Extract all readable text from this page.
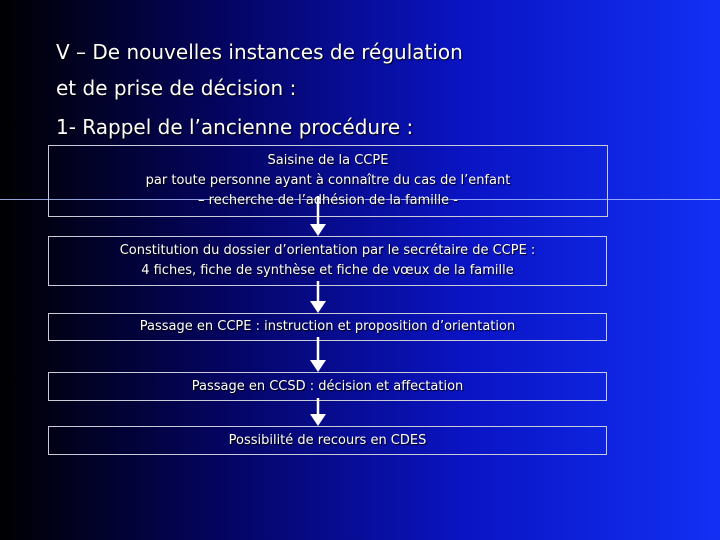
V – De nouvelles instances de régulation
et de prise de décision :
1- Rappel de l’ancienne procédure :
Saisine de la CCPE
par toute personne ayant à connaître du cas de l’enfant
– recherche de l’adhésion de la famille -
Constitution du dossier d’orientation par le secrétaire de CCPE :
4 fiches, fiche de synthèse et fiche de vœux de la famille
Passage en CCPE : instruction et proposition d’orientation
Passage en CCSD : décision et affectation
Possibilité de recours en CDES
